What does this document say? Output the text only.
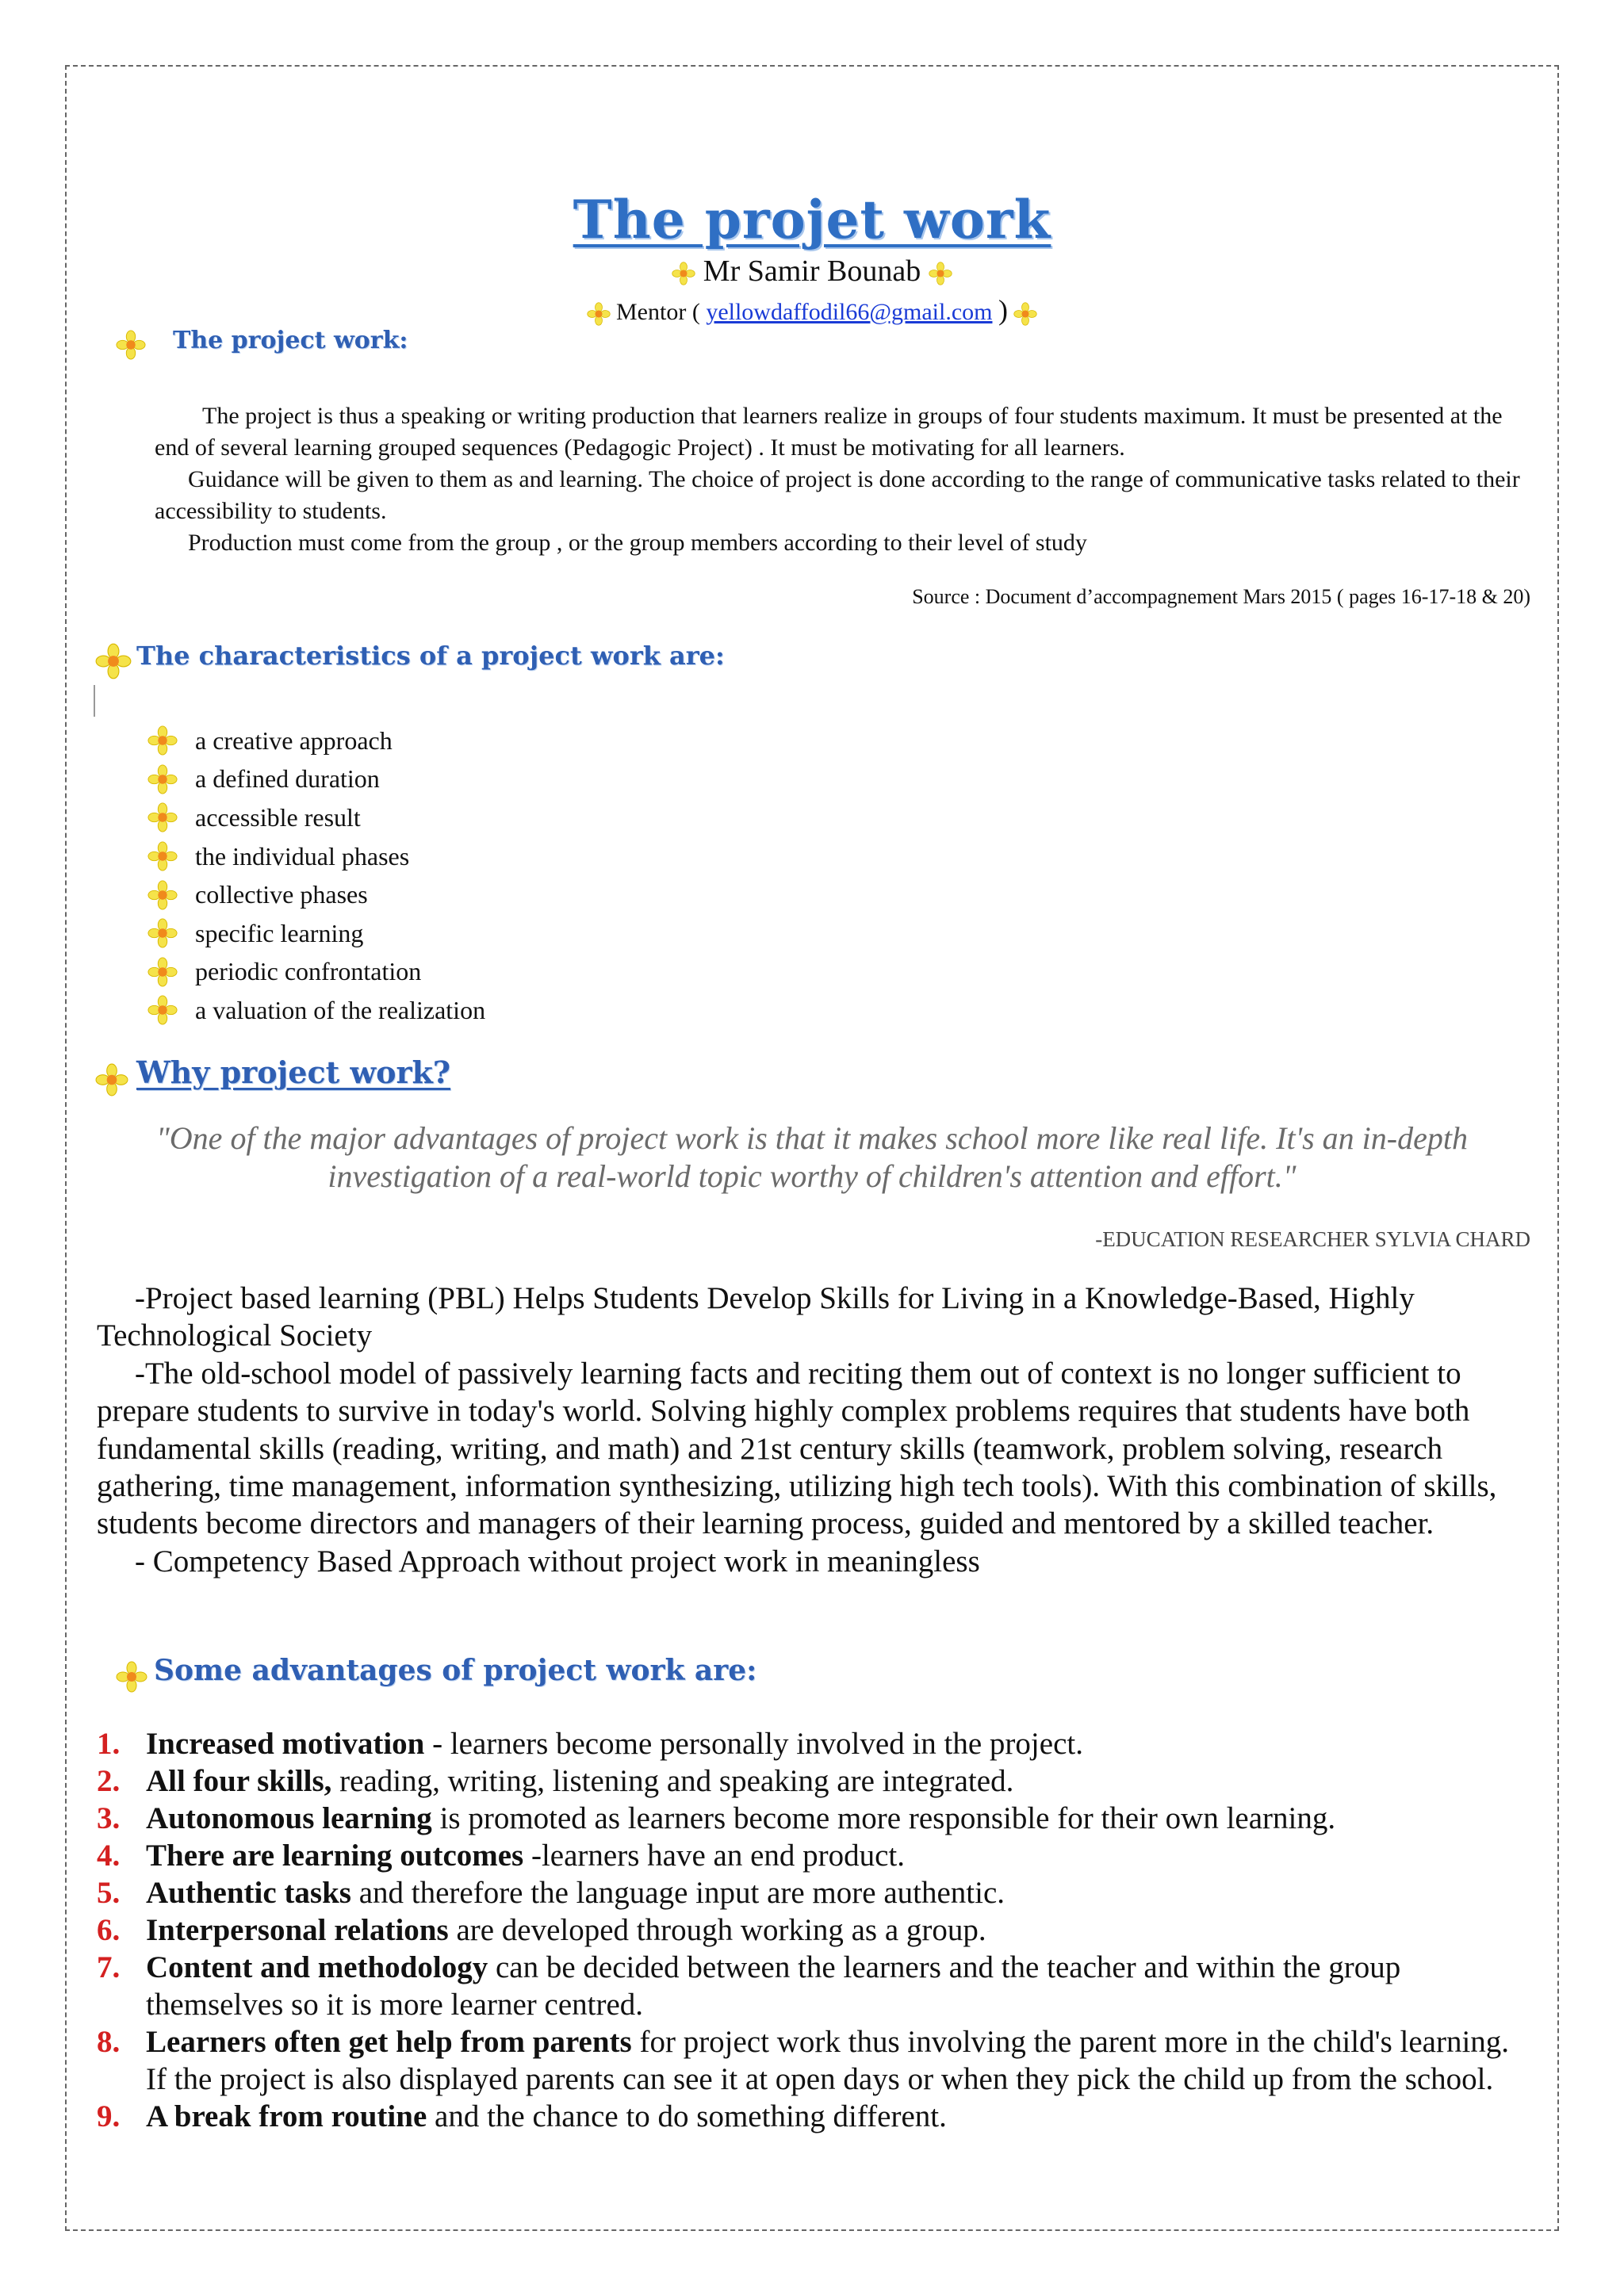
The projet work
Mr Samir Bounab
Mentor ( yellowdaffodil66@gmail.com )
The project work:
The project is thus a speaking or writing production that learners realize in groups of four students maximum. It must be presented at the end of several learning grouped sequences (Pedagogic Project) . It must be motivating for all learners.
Guidance will be given to them as and learning. The choice of project is done according to the range of communicative tasks related to their accessibility to students.
Production must come from the group , or the group members according to their level of study
Source : Document d’accompagnement Mars 2015 ( pages 16-17-18 & 20)
The characteristics of a project work are:
a creative approach
a defined duration
accessible result
the individual phases
collective phases
specific learning
periodic confrontation
a valuation of the realization
Why project work?
"One of the major advantages of project work is that it makes school more like real life. It's an in-depth investigation of a real-world topic worthy of children's attention and effort."
-EDUCATION RESEARCHER SYLVIA CHARD

-Project based learning (PBL) Helps Students Develop Skills for Living in a Knowledge-Based, Highly Technological Society

-The old-school model of passively learning facts and reciting them out of context is no longer sufficient to prepare students to survive in today's world. Solving highly complex problems requires that students have both fundamental skills (reading, writing, and math) and 21st century skills (teamwork, problem solving, research gathering, time management, information synthesizing, utilizing high tech tools). With this combination of skills, students become directors and managers of their learning process, guided and mentored by a skilled teacher.

- Competency Based Approach without project work in meaningless

Some advantages of project work are:
1. Increased motivation - learners become personally involved in the project.
2. All four skills, reading, writing, listening and speaking are integrated.
3. Autonomous learning is promoted as learners become more responsible for their own learning.
4. There are learning outcomes -learners have an end product.
5. Authentic tasks and therefore the language input are more authentic.
6. Interpersonal relations are developed through working as a group.
7. Content and methodology can be decided between the learners and the teacher and within the group themselves so it is more learner centred.
8. Learners often get help from parents for project work thus involving the parent more in the child's learning. If the project is also displayed parents can see it at open days or when they pick the child up from the school.
9. A break from routine and the chance to do something different.
